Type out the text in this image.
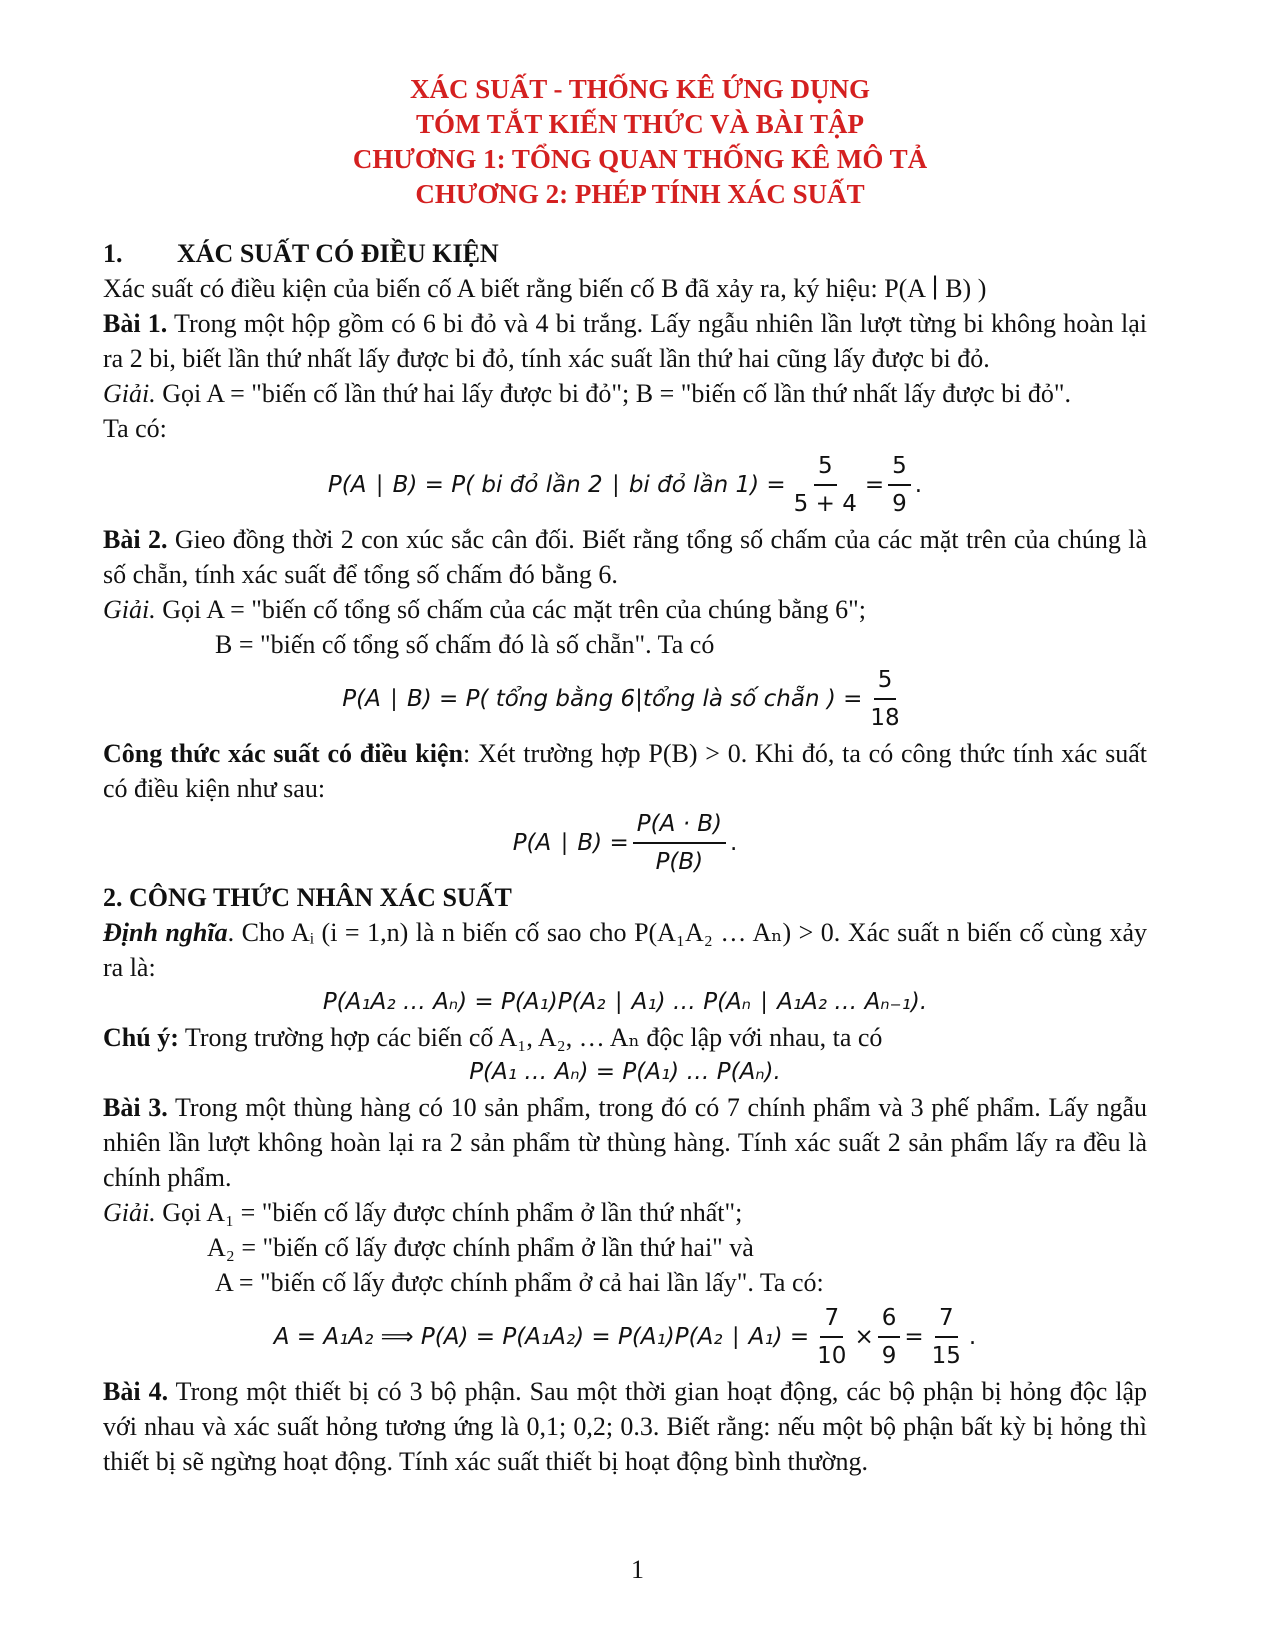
XÁC SUẤT - THỐNG KÊ ỨNG DỤNG
TÓM TẮT KIẾN THỨC VÀ BÀI TẬP
CHƯƠNG 1: TỔNG QUAN THỐNG KÊ MÔ TẢ
CHƯƠNG 2: PHÉP TÍNH XÁC SUẤT
1. XÁC SUẤT CÓ ĐIỀU KIỆN

Xác suất có điều kiện của biến cố A biết rằng biến cố B đã xảy ra, ký hiệu: P(A ∣ B) )

Bài 1. Trong một hộp gồm có 6 bi đỏ và 4 bi trắng. Lấy ngẫu nhiên lần lượt từng bi không hoàn lại ra 2 bi, biết lần thứ nhất lấy được bi đỏ, tính xác suất lần thứ hai cũng lấy được bi đỏ.

Giải. Gọi A = "biến cố lần thứ hai lấy được bi đỏ"; B = "biến cố lần thứ nhất lấy được bi đỏ".

Ta có:

P(A ∣ B) = P( bi đỏ lần 2 ∣ bi đỏ lần $1) = \frac{5}{5 + 4} = \frac{5}{9}$ .

Bài 2. Gieo đồng thời 2 con xúc sắc cân đối. Biết rằng tổng số chấm của các mặt trên của chúng là số chẵn, tính xác suất để tổng số chấm đó bằng 6.

Giải. Gọi A = "biến cố tổng số chấm của các mặt trên của chúng bằng 6";

B = "biến cố tổng số chấm đó là số chẵn". Ta có

P(A ∣ B) = P( tổng bằng 6|tổng là số chẵn ) = $\frac{5}{18}$

Công thức xác suất có điều kiện: Xét trường hợp P(B) > 0. Khi đó, ta có công thức tính xác suất có điều kiện như sau:

P(A ∣ $B) = \frac{P(A \cdot B)}{P(B)}$ .
2. CÔNG THỨC NHÂN XÁC SUẤT

Định nghĩa. Cho Aᵢ (i = 1,n) là n biến cố sao cho P(A₁A₂ … Aₙ) > 0. Xác suất n biến cố cùng xảy ra là:

P(A₁A₂ … Aₙ) = P(A₁)P(A₂ ∣ A₁) … P(Aₙ ∣ A₁A₂ … Aₙ₋₁).

Chú ý: Trong trường hợp các biến cố A₁, A₂, … Aₙ độc lập với nhau, ta có

P(A₁ … Aₙ) = P(A₁) … P(Aₙ).

Bài 3. Trong một thùng hàng có 10 sản phẩm, trong đó có 7 chính phẩm và 3 phế phẩm. Lấy ngẫu nhiên lần lượt không hoàn lại ra 2 sản phẩm từ thùng hàng. Tính xác suất 2 sản phẩm lấy ra đều là chính phẩm.

Giải. Gọi A₁ = "biến cố lấy được chính phẩm ở lần thứ nhất";

A₂ = "biến cố lấy được chính phẩm ở lần thứ hai" và

A = "biến cố lấy được chính phẩm ở cả hai lần lấy". Ta có:

A = A₁A₂ ⟹ P(A) = P(A₁A₂) = P(A₁)P(A₂ ∣ $A_1) = \frac{7}{10} \times \frac{6}{9} = \frac{7}{15}$ .

Bài 4. Trong một thiết bị có 3 bộ phận. Sau một thời gian hoạt động, các bộ phận bị hỏng độc lập với nhau và xác suất hỏng tương ứng là 0,1; 0,2; 0.3. Biết rằng: nếu một bộ phận bất kỳ bị hỏng thì thiết bị sẽ ngừng hoạt động. Tính xác suất thiết bị hoạt động bình thường.

1
